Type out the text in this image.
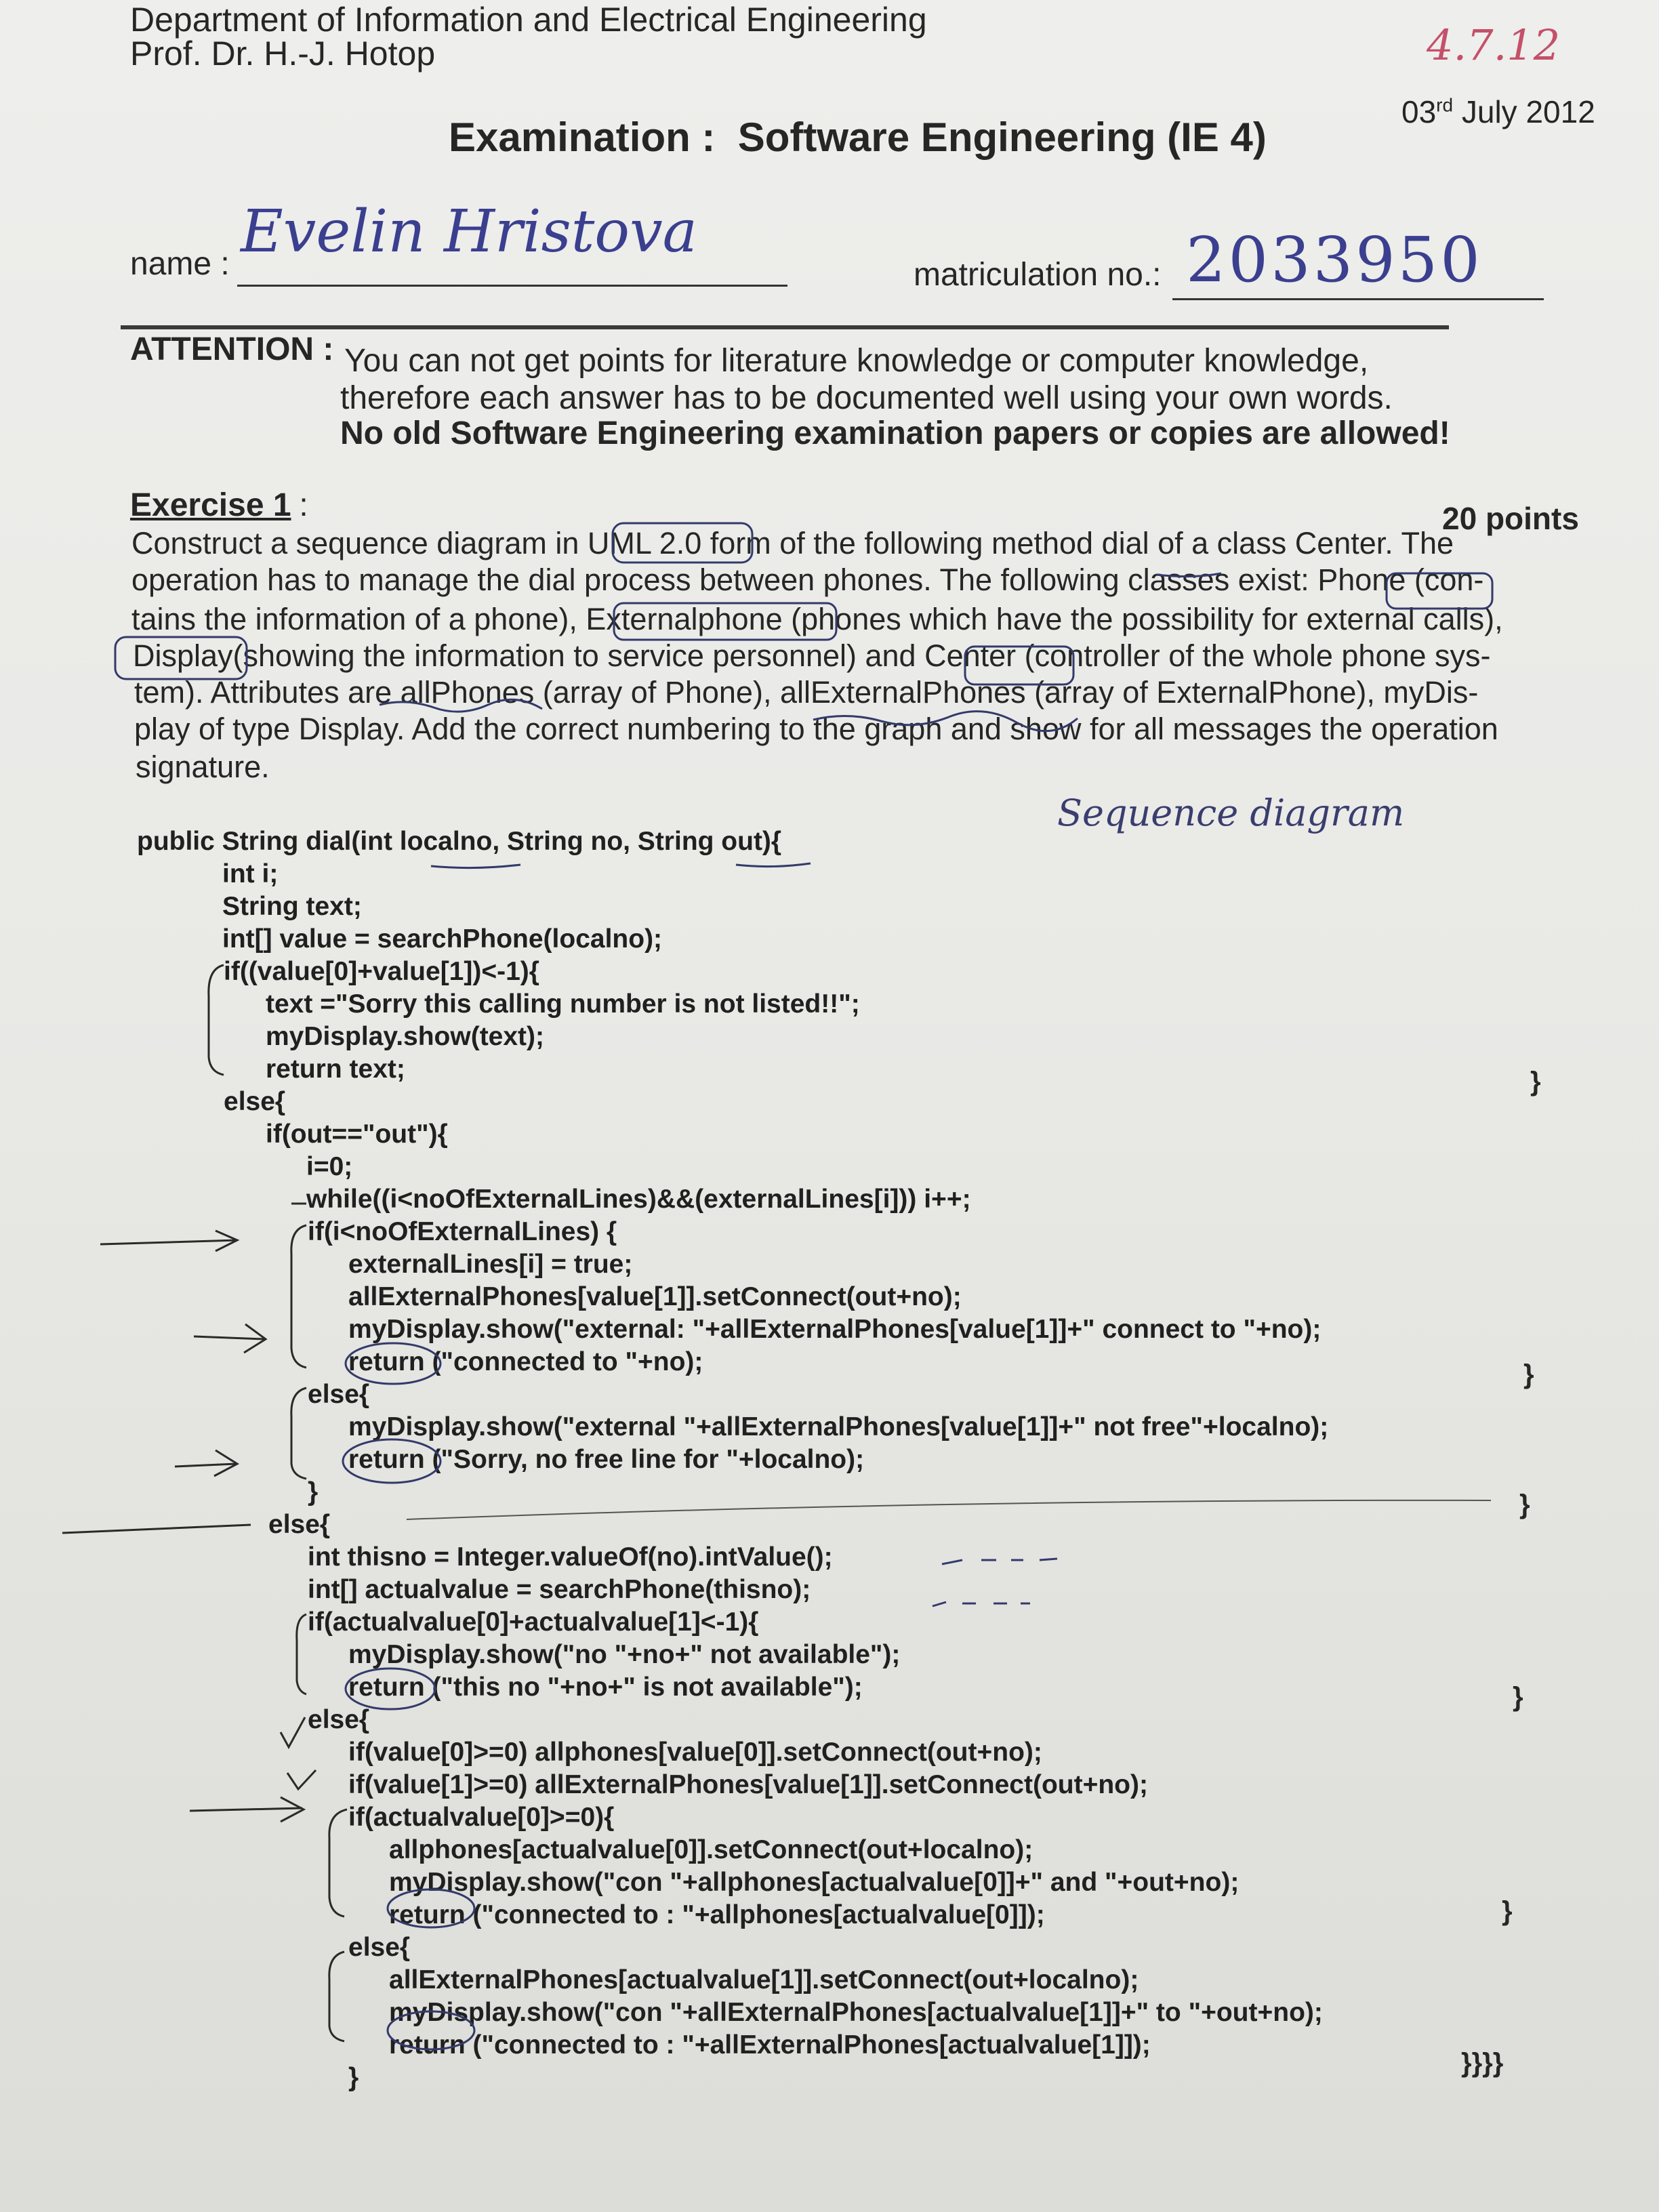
Department of Information and Electrical Engineering
Prof. Dr. H.-J. Hotop	4.7.12
03rd July 2012
Examination :  Software Engineering (IE 4)
name : Evelin Hristova
matriculation no.: 2033950
ATTENTION : You can not get points for literature knowledge or computer knowledge,
therefore each answer has to be documented well using your own words.
No old Software Engineering examination papers or copies are allowed!
Exercise 1
:	20 points
Construct a sequence diagram in UML 2.0 form of the following method dial of a class Center. The
operation has to manage the dial process between phones. The following classes exist: Phone (con-
tains the information of a phone), Externalphone (phones which have the possibility for external calls),
Display(showing the information to service personnel) and Center (controller of the whole phone sys-
tem). Attributes are allPhones (array of Phone), allExternalPhones (array of ExternalPhone), myDis-
play of type Display. Add the correct numbering to the graph and show for all messages the operation
signature.
Sequence diagram
public String dial(int localno, String no, String out){
int i;
String text;
int[] value = searchPhone(localno);
if((value[0]+value[1])<-1){
text ="Sorry this calling number is not listed!!";
myDisplay.show(text);
return text;
else{
if(out=="out"){
i=0;
while((i<noOfExternalLines)&&(externalLines[i])) i++;
if(i<noOfExternalLines) {
externalLines[i] = true;
allExternalPhones[value[1]].setConnect(out+no);
myDisplay.show("external: "+allExternalPhones[value[1]]+" connect to "+no);
return ("connected to "+no);
else{
myDisplay.show("external "+allExternalPhones[value[1]]+" not free"+localno);
return ("Sorry, no free line for "+localno);
}
else{
int thisno = Integer.valueOf(no).intValue();
int[] actualvalue = searchPhone(thisno);
if(actualvalue[0]+actualvalue[1]<-1){
myDisplay.show("no "+no+" not available");
return ("this no "+no+" is not available");
else{
if(value[0]>=0) allphones[value[0]].setConnect(out+no);
if(value[1]>=0) allExternalPhones[value[1]].setConnect(out+no);
if(actualvalue[0]>=0){
allphones[actualvalue[0]].setConnect(out+localno);
myDisplay.show("con "+allphones[actualvalue[0]]+" and "+out+no);
return ("connected to : "+allphones[actualvalue[0]]);
else{
allExternalPhones[actualvalue[1]].setConnect(out+localno);
myDisplay.show("con "+allExternalPhones[actualvalue[1]]+" to "+out+no);
return ("connected to : "+allExternalPhones[actualvalue[1]]);
}
}
}
}
}
}
}}}}
